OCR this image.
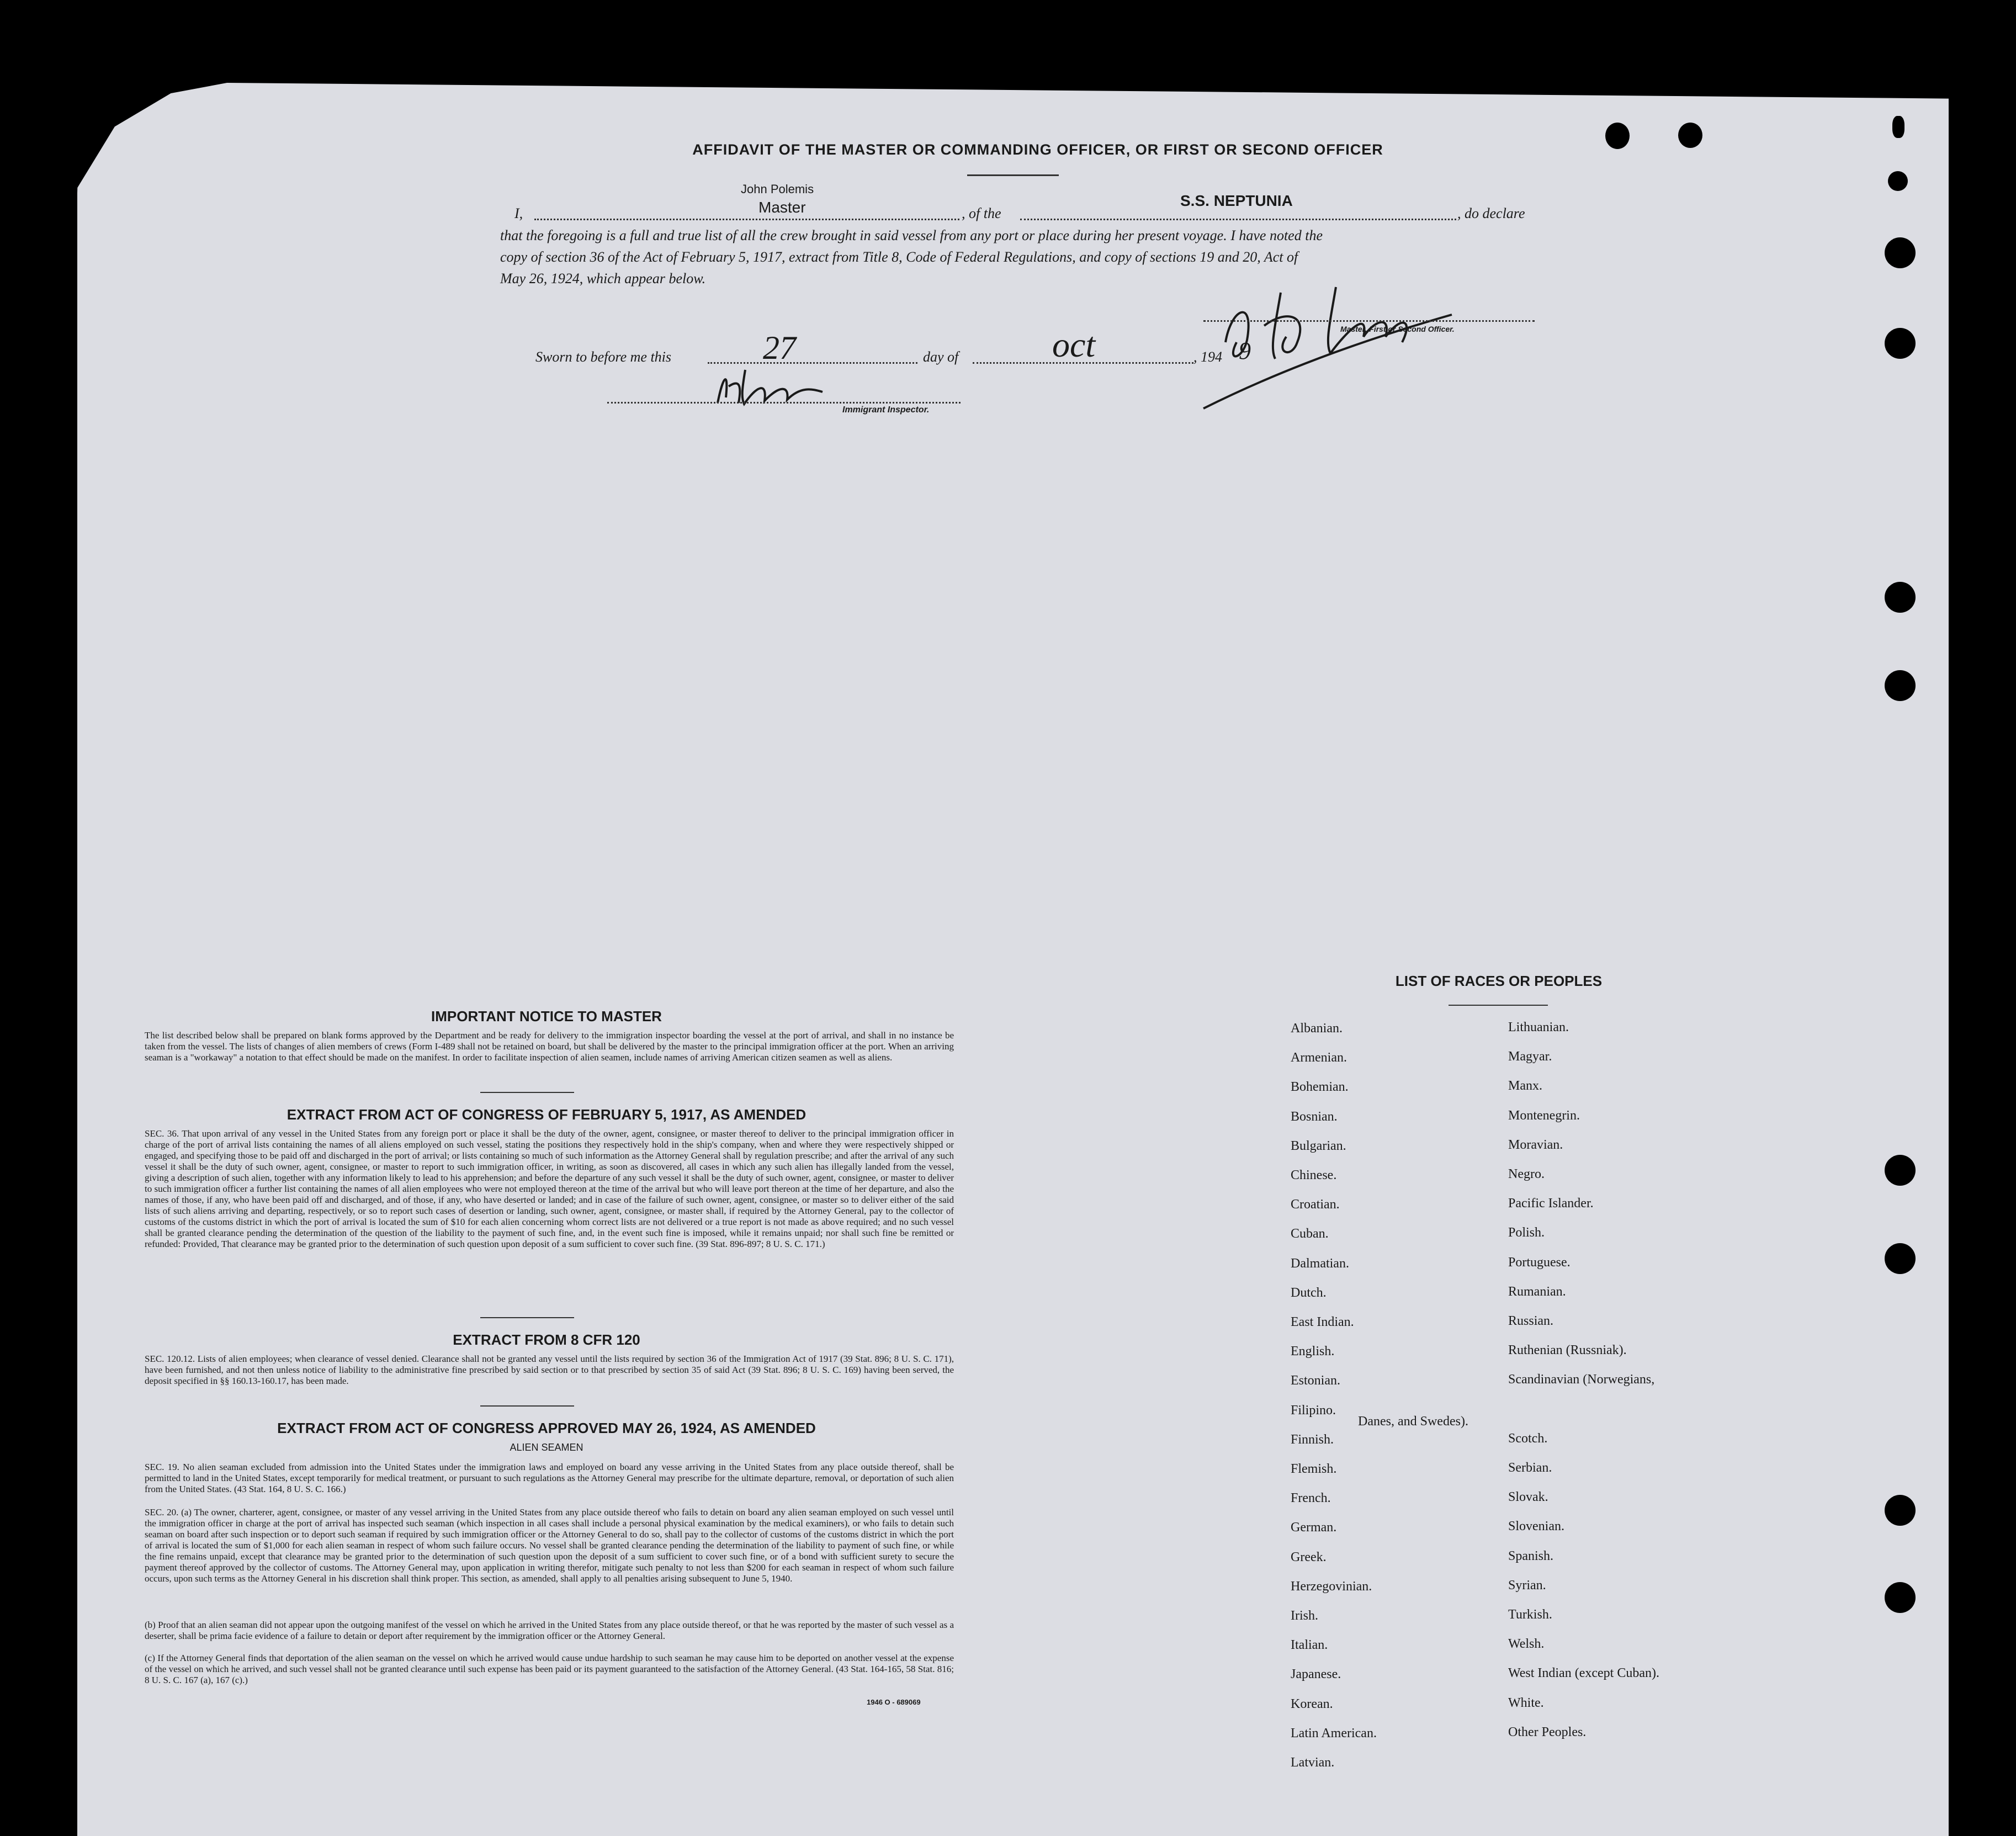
AFFIDAVIT OF THE MASTER OR COMMANDING OFFICER, OR FIRST OR SECOND OFFICER
John Polemis
Master	S.S. NEPTUNIA
I,	, of the	, do declare
that the foregoing is a full and true list of all the crew brought in said vessel from any port or place during her present voyage. I have noted the
copy of section 36 of the Act of February 5, 1917, extract from Title 8, Code of Federal Regulations, and copy of sections 19 and 20, Act of
May 26, 1924, which appear below.
Master, First or Second Officer.
Sworn to before me this	27	day of	oct	, 194 9
Immigrant Inspector.
IMPORTANT NOTICE TO MASTER
The list described below shall be prepared on blank forms approved by the Department and be ready for delivery to the immigration inspector boarding the vessel at the port of arrival, and shall in no instance be taken from the vessel. The lists of changes of alien members of crews (Form I-489 shall not be retained on board, but shall be delivered by the master to the principal immigration officer at the port. When an arriving seaman is a "workaway" a notation to that effect should be made on the manifest. In order to facilitate inspection of alien seamen, include names of arriving American citizen seamen as well as aliens.
EXTRACT FROM ACT OF CONGRESS OF FEBRUARY 5, 1917, AS AMENDED
SEC. 36. That upon arrival of any vessel in the United States from any foreign port or place it shall be the duty of the owner, agent, consignee, or master thereof to deliver to the principal immigration officer in charge of the port of arrival lists containing the names of all aliens employed on such vessel, stating the positions they respectively hold in the ship's company, when and where they were respectively shipped or engaged, and specifying those to be paid off and discharged in the port of arrival; or lists containing so much of such information as the Attorney General shall by regulation prescribe; and after the arrival of any such vessel it shall be the duty of such owner, agent, consignee, or master to report to such immigration officer, in writing, as soon as discovered, all cases in which any such alien has illegally landed from the vessel, giving a description of such alien, together with any information likely to lead to his apprehension; and before the departure of any such vessel it shall be the duty of such owner, agent, consignee, or master to deliver to such immigration officer a further list containing the names of all alien employees who were not employed thereon at the time of the arrival but who will leave port thereon at the time of her departure, and also the names of those, if any, who have been paid off and discharged, and of those, if any, who have deserted or landed; and in case of the failure of such owner, agent, consignee, or master so to deliver either of the said lists of such aliens arriving and departing, respectively, or so to report such cases of desertion or landing, such owner, agent, consignee, or master shall, if required by the Attorney General, pay to the collector of customs of the customs district in which the port of arrival is located the sum of $10 for each alien concerning whom correct lists are not delivered or a true report is not made as above required; and no such vessel shall be granted clearance pending the determination of the question of the liability to the payment of such fine, and, in the event such fine is imposed, while it remains unpaid; nor shall such fine be remitted or refunded: Provided, That clearance may be granted prior to the determination of such question upon deposit of a sum sufficient to cover such fine. (39 Stat. 896-897; 8 U. S. C. 171.)
EXTRACT FROM 8 CFR 120
SEC. 120.12. Lists of alien employees; when clearance of vessel denied. Clearance shall not be granted any vessel until the lists required by section 36 of the Immigration Act of 1917 (39 Stat. 896; 8 U. S. C. 171), have been furnished, and not then unless notice of liability to the administrative fine prescribed by said section or to that prescribed by section 35 of said Act (39 Stat. 896; 8 U. S. C. 169) having been served, the deposit specified in §§ 160.13-160.17, has been made.
EXTRACT FROM ACT OF CONGRESS APPROVED MAY 26, 1924, AS AMENDED
ALIEN SEAMEN
SEC. 19. No alien seaman excluded from admission into the United States under the immigration laws and employed on board any vesse arriving in the United States from any place outside thereof, shall be permitted to land in the United States, except temporarily for medical treatment, or pursuant to such regulations as the Attorney General may prescribe for the ultimate departure, removal, or deportation of such alien from the United States. (43 Stat. 164, 8 U. S. C. 166.)
SEC. 20. (a) The owner, charterer, agent, consignee, or master of any vessel arriving in the United States from any place outside thereof who fails to detain on board any alien seaman employed on such vessel until the immigration officer in charge at the port of arrival has inspected such seaman (which inspection in all cases shall include a personal physical examination by the medical examiners), or who fails to detain such seaman on board after such inspection or to deport such seaman if required by such immigration officer or the Attorney General to do so, shall pay to the collector of customs of the customs district in which the port of arrival is located the sum of $1,000 for each alien seaman in respect of whom such failure occurs. No vessel shall be granted clearance pending the determination of the liability to payment of such fine, or while the fine remains unpaid, except that clearance may be granted prior to the determination of such question upon the deposit of a sum sufficient to cover such fine, or of a bond with sufficient surety to secure the payment thereof approved by the collector of customs. The Attorney General may, upon application in writing therefor, mitigate such penalty to not less than $200 for each seaman in respect of whom such failure occurs, upon such terms as the Attorney General in his discretion shall think proper. This section, as amended, shall apply to all penalties arising subsequent to June 5, 1940.
(b) Proof that an alien seaman did not appear upon the outgoing manifest of the vessel on which he arrived in the United States from any place outside thereof, or that he was reported by the master of such vessel as a deserter, shall be prima facie evidence of a failure to detain or deport after requirement by the immigration officer or the Attorney General.
(c) If the Attorney General finds that deportation of the alien seaman on the vessel on which he arrived would cause undue hardship to such seaman he may cause him to be deported on another vessel at the expense of the vessel on which he arrived, and such vessel shall not be granted clearance until such expense has been paid or its payment guaranteed to the satisfaction of the Attorney General. (43 Stat. 164-165, 58 Stat. 816; 8 U. S. C. 167 (a), 167 (c).)
1946 O - 689069
LIST OF RACES OR PEOPLES
Albanian.
Armenian.
Bohemian.
Bosnian.
Bulgarian.
Chinese.
Croatian.
Cuban.
Dalmatian.
Dutch.
East Indian.
English.
Estonian.
Filipino.
Finnish.
Flemish.
French.
German.
Greek.
Herzegovinian.
Irish.
Italian.
Japanese.
Korean.
Latin American.
Latvian.
Lithuanian.
Magyar.
Manx.
Montenegrin.
Moravian.
Negro.
Pacific Islander.
Polish.
Portuguese.
Rumanian.
Russian.
Ruthenian (Russniak).
Scandinavian (Norwegians,
Danes, and Swedes).
Scotch.
Serbian.
Slovak.
Slovenian.
Spanish.
Syrian.
Turkish.
Welsh.
West Indian (except Cuban).
White.
Other Peoples.
